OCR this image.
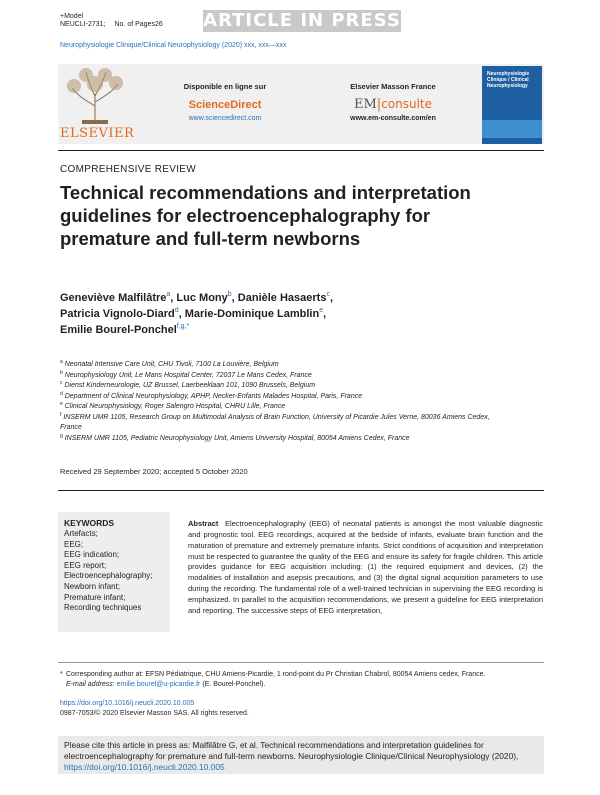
+Model
NEUCLI-2731; No. of Pages26	ARTICLE IN PRESS
Neurophysiologie Clinique/Clinical Neurophysiology (2020) xxx, xxx—xxx
ELSEVIER
Disponible en ligne sur
ScienceDirect
www.sciencedirect.com
Elsevier Masson France
EM|consulte
www.em-consulte.com/en
Neurophysiologie Clinique / Clinical Neurophysiology
COMPREHENSIVE REVIEW
Technical recommendations and interpretation guidelines for electroencephalography for premature and full-term newborns
Geneviève Malfilâtre$^a$, Luc Mony$^b$, Danièle Hasaerts$^c$,
Patricia Vignolo-Diard$^d$, Marie-Dominique Lamblin$^e$,
Emilie Bourel-Ponchel$^{f,g,*}$
$^a$ Neonatal Intensive Care Unit, CHU Tivoli, 7100 La Louvière, Belgium
$^b$ Neurophysiology Unit, Le Mans Hospital Center, 72037 Le Mans Cedex, France
$^c$ Dienst Kinderneurologie, UZ Brussel, Laerbeeklaan 101, 1090 Brussels, Belgium
$^d$ Department of Clinical Neurophysiology, APHP, Necker-Enfants Malades Hospital, Paris, France
$^e$ Clinical Neurophysiology, Roger Salengro Hospital, CHRU Lille, France
$^f$ INSERM UMR 1105, Research Group on Multimodal Analysis of Brain Function, University of Picardie Jules Verne, 80036 Amiens Cedex, France
$^g$ INSERM UMR 1105, Pediatric Neurophysiology Unit, Amiens University Hospital, 80054 Amiens Cedex, France
Received 29 September 2020; accepted 5 October 2020
KEYWORDS
Artefacts;
EEG;
EEG indication;
EEG report;
Electroencephalography;
Newborn infant;
Premature infant;
Recording techniques
Abstract Electroencephalography (EEG) of neonatal patients is amongst the most valuable diagnostic and prognostic tool. EEG recordings, acquired at the bedside of infants, evaluate brain function and the maturation of premature and extremely premature infants. Strict conditions of acquisition and interpretation must be respected to guarantee the quality of the EEG and ensure its safety for fragile children. This article provides guidance for EEG acquisition including: (1) the required equipment and devices, (2) the modalities of installation and asepsis precautions, and (3) the digital signal acquisition parameters to use during the recording. The fundamental role of a well-trained technician in supervising the EEG recording is emphasized. In parallel to the acquisition recommendations, we present a guideline for EEG interpretation and reporting. The successive steps of EEG interpretation,
* Corresponding author at: EFSN Pédiatrique, CHU Amiens-Picardie, 1 rond-point du Pr Christian Chabrol, 80054 Amiens cedex, France.
E-mail address: emilie.bourel@u-picardie.fr (E. Bourel-Ponchel).
https://doi.org/10.1016/j.neucli.2020.10.005
0987-7053/© 2020 Elsevier Masson SAS. All rights reserved.
Please cite this article in press as: Malfilâtre G, et al. Technical recommendations and interpretation guidelines for electroencephalography for premature and full-term newborns. Neurophysiologie Clinique/Clinical Neurophysiology (2020), https://doi.org/10.1016/j.neucli.2020.10.005
